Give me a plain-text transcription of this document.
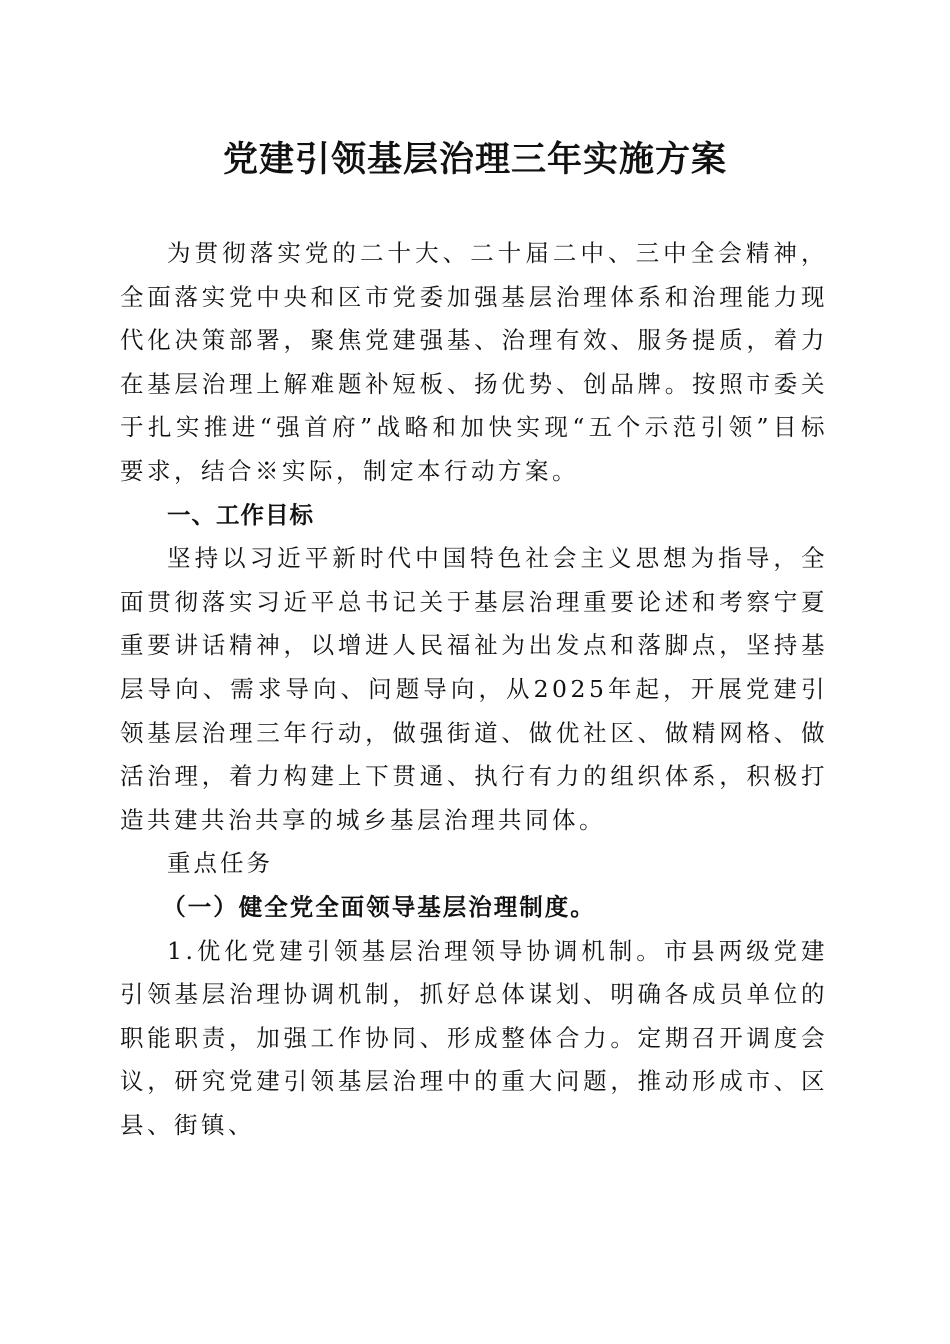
党建引领基层治理三年实施方案

为贯彻落实党的二十大、二十届二中、三中全会精神，全面落实党中央和区市党委加强基层治理体系和治理能力现代化决策部署，聚焦党建强基、治理有效、服务提质，着力在基层治理上解难题补短板、扬优势、创品牌。按照市委关于扎实推进“强首府”战略和加快实现“五个示范引领”目标要求，结合※实际，制定本行动方案。

一、工作目标

坚持以习近平新时代中国特色社会主义思想为指导，全面贯彻落实习近平总书记关于基层治理重要论述和考察宁夏重要讲话精神，以增进人民福祉为出发点和落脚点，坚持基层导向、需求导向、问题导向，从2025年起，开展党建引领基层治理三年行动，做强街道、做优社区、做精网格、做活治理，着力构建上下贯通、执行有力的组织体系，积极打造共建共治共享的城乡基层治理共同体。

重点任务

（一）健全党全面领导基层治理制度。

1.优化党建引领基层治理领导协调机制。市县两级党建引领基层治理协调机制，抓好总体谋划、明确各成员单位的职能职责，加强工作协同、形成整体合力。定期召开调度会议，研究党建引领基层治理中的重大问题，推动形成市、区县、街镇、
